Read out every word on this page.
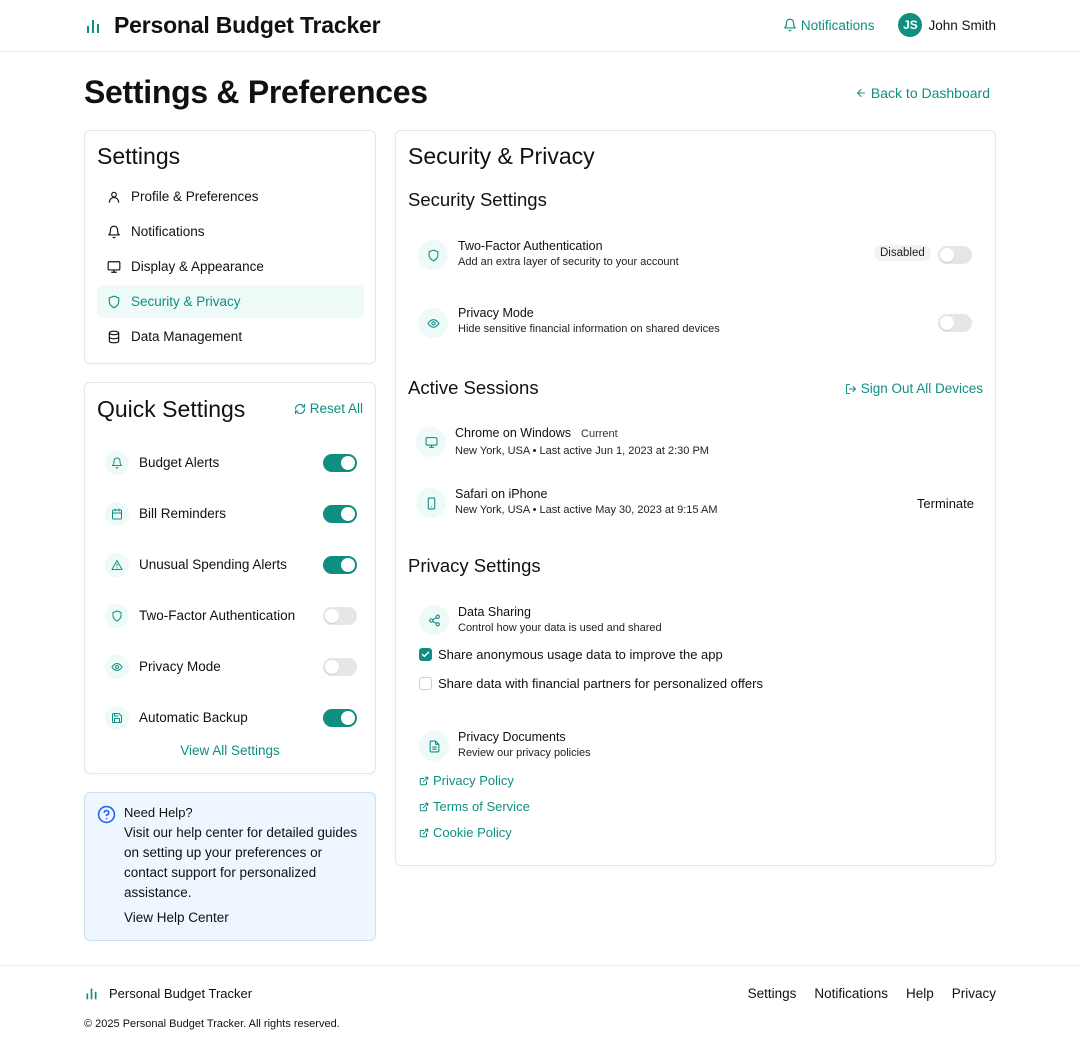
Personal Budget Tracker	Notifications	JS John Smith
Settings & Preferences	Back to Dashboard
Settings
Profile & Preferences
Notifications
Display & Appearance
Security & Privacy
Data Management
Quick Settings	Reset All
Budget Alerts
Bill Reminders
Unusual Spending Alerts
Two-Factor Authentication
Privacy Mode
Automatic Backup
View All Settings
Need Help?

Visit our help center for detailed guides on setting up your preferences or contact support for personalized assistance.

View Help Center
Security & Privacy
Security Settings
Two-Factor Authentication
Add an extra layer of security to your account
Disabled
Privacy Mode
Hide sensitive financial information on shared devices
Active Sessions	Sign Out All Devices
Chrome on Windows Current
New York, USA • Last active Jun 1, 2023 at 2:30 PM
Safari on iPhone
New York, USA • Last active May 30, 2023 at 9:15 AM	Terminate
Privacy Settings
Data Sharing
Control how your data is used and shared
Share anonymous usage data to improve the app
Share data with financial partners for personalized offers
Privacy Documents
Review our privacy policies
Privacy Policy
Terms of Service
Cookie Policy
Personal Budget Tracker

© 2025 Personal Budget Tracker. All rights reserved.

Settings Notifications Help Privacy
